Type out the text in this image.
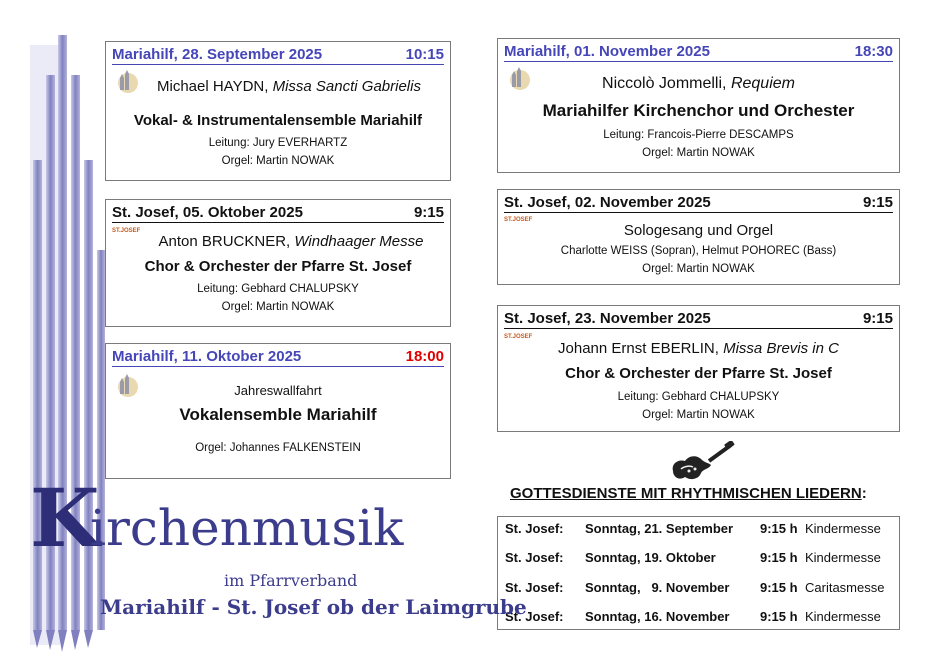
Mariahilf, 28. September 2025	10:15
Michael HAYDN, Missa Sancti Gabrielis
Vokal- & Instrumentalensemble Mariahilf
Leitung: Jury EVERHARTZ
Orgel: Martin NOWAK
St. Josef, 05. Oktober 2025	9:15
ST.JOSEF
Anton BRUCKNER, Windhaager Messe
Chor & Orchester der Pfarre St. Josef
Leitung: Gebhard CHALUPSKY
Orgel: Martin NOWAK
Mariahilf, 11. Oktober 2025	18:00
Jahreswallfahrt
Vokalensemble Mariahilf
Orgel: Johannes FALKENSTEIN
Mariahilf, 01. November 2025	18:30
Niccolò Jommelli, Requiem
Mariahilfer Kirchenchor und Orchester
Leitung: Francois-Pierre DESCAMPS
Orgel: Martin NOWAK
St. Josef, 02. November 2025	9:15
ST.JOSEF
Sologesang und Orgel
Charlotte WEISS (Sopran), Helmut POHOREC (Bass)
Orgel: Martin NOWAK
St. Josef, 23. November 2025	9:15
ST.JOSEF
Johann Ernst EBERLIN, Missa Brevis in C
Chor & Orchester der Pfarre St. Josef
Leitung: Gebhard CHALUPSKY
Orgel: Martin NOWAK
GOTTESDIENSTE MIT RHYTHMISCHEN LIEDERN:
St. Josef: Sonntag, 21. September 9:15 h Kindermesse
St. Josef: Sonntag, 19. Oktober	9:15 h Kindermesse
St. Josef: Sonntag,   9. November 9:15 h Caritasmesse
St. Josef: Sonntag, 16. November 9:15 h Kindermesse
K
irchenmusik
im Pfarrverband
Mariahilf - St. Josef ob der Laimgrube
